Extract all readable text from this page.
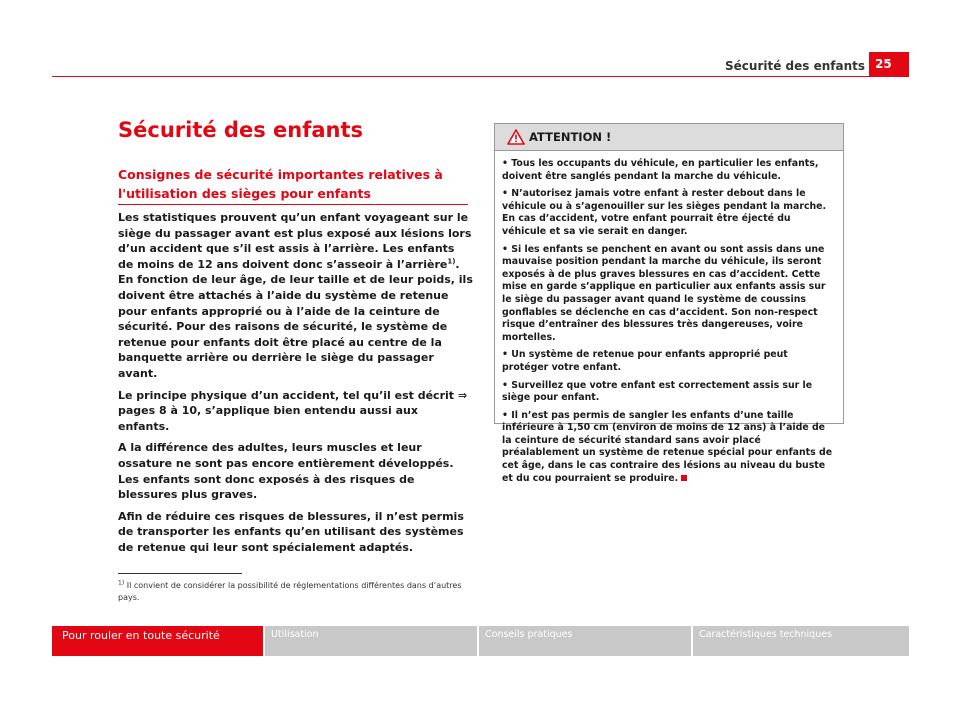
Sécurité des enfants 25
Sécurité des enfants
Consignes de sécurité importantes relatives à l'utilisation des sièges pour enfants

Les statistiques prouvent qu’un enfant voyageant sur le siège du passager avant est plus exposé aux lésions lors d’un accident que s’il est assis à l’arrière. Les enfants de moins de 12 ans doivent donc s’asseoir à l’arrière$^{1)}$. En fonction de leur âge, de leur taille et de leur poids, ils doivent être attachés à l’aide du système de retenue pour enfants approprié ou à l’aide de la ceinture de sécurité. Pour des raisons de sécurité, le système de retenue pour enfants doit être placé au centre de la banquette arrière ou derrière le siège du passager avant.

Le principe physique d’un accident, tel qu’il est décrit ⇒ pages 8 à 10, s’applique bien entendu aussi aux enfants.

A la différence des adultes, leurs muscles et leur ossature ne sont pas encore entièrement développés. Les enfants sont donc exposés à des risques de blessures plus graves.

Afin de réduire ces risques de blessures, il n’est permis de transporter les enfants qu’en utilisant des systèmes de retenue qui leur sont spécialement adaptés.

ATTENTION !

• Tous les occupants du véhicule, en particulier les enfants, doivent être sanglés pendant la marche du véhicule.

• N’autorisez jamais votre enfant à rester debout dans le véhicule ou à s’agenouiller sur les sièges pendant la marche. En cas d’accident, votre enfant pourrait être éjecté du véhicule et sa vie serait en danger.

• Si les enfants se penchent en avant ou sont assis dans une mauvaise position pendant la marche du véhicule, ils seront exposés à de plus graves blessures en cas d’accident. Cette mise en garde s’applique en particulier aux enfants assis sur le siège du passager avant quand le système de coussins gonflables se déclenche en cas d’accident. Son non-respect risque d’entraîner des blessures très dangereuses, voire mortelles.

• Un système de retenue pour enfants approprié peut protéger votre enfant.

• Surveillez que votre enfant est correctement assis sur le siège pour enfant.

• Il n’est pas permis de sangler les enfants d’une taille inférieure à 1,50 cm (environ de moins de 12 ans) à l’aide de la ceinture de sécurité standard sans avoir placé préalablement un système de retenue spécial pour enfants de cet âge, dans le cas contraire des lésions au niveau du buste et du cou pourraient se produire.

$^{1)}$ Il convient de considérer la possibilité de réglementations différentes dans d’autres pays.
Pour rouler en toute sécurité	Utilisation	Conseils pratiques	Caractéristiques techniques
